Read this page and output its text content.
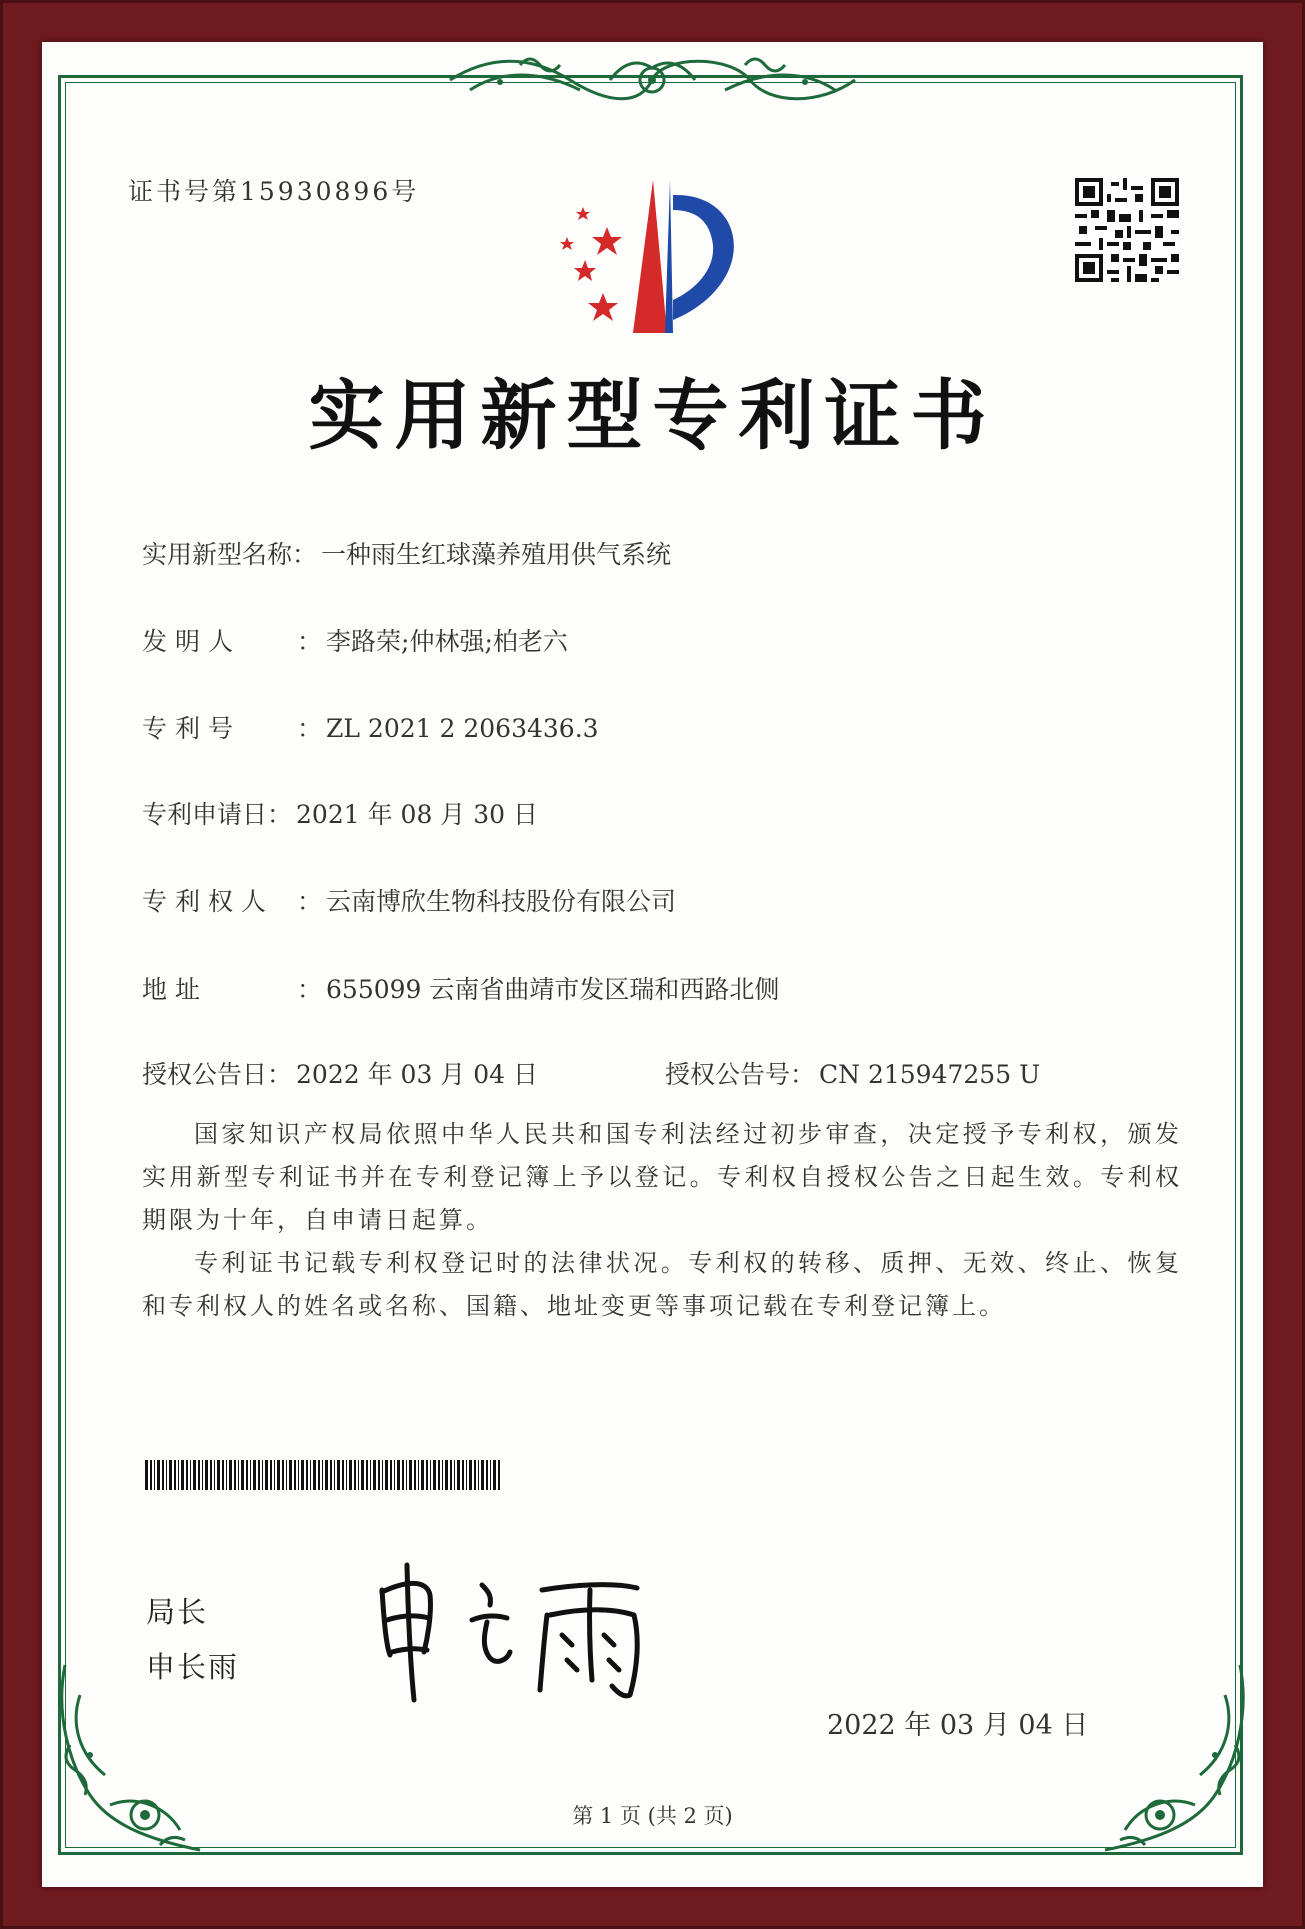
证书号第15930896号
实用新型专利证书
实用新型名称： 一种雨生红球藻养殖用供气系统
发 明 人	： 李路荣;仲林强;柏老六
专 利 号	： ZL 2021 2 2063436.3
专利申请日： 2021 年 08 月 30 日
专 利 权 人 ： 云南博欣生物科技股份有限公司
地 址	： 655099 云南省曲靖市发区瑞和西路北侧
授权公告日： 2022 年 03 月 04 日	授权公告号： CN 215947255 U
国家知识产权局依照中华人民共和国专利法经过初步审查，决定授予专利权，颁发实用新型专利证书并在专利登记簿上予以登记。专利权自授权公告之日起生效。专利权期限为十年，自申请日起算。
专利证书记载专利权登记时的法律状况。专利权的转移、质押、无效、终止、恢复和专利权人的姓名或名称、国籍、地址变更等事项记载在专利登记簿上。
局长
申长雨
2022 年 03 月 04 日
第 1 页 (共 2 页)
